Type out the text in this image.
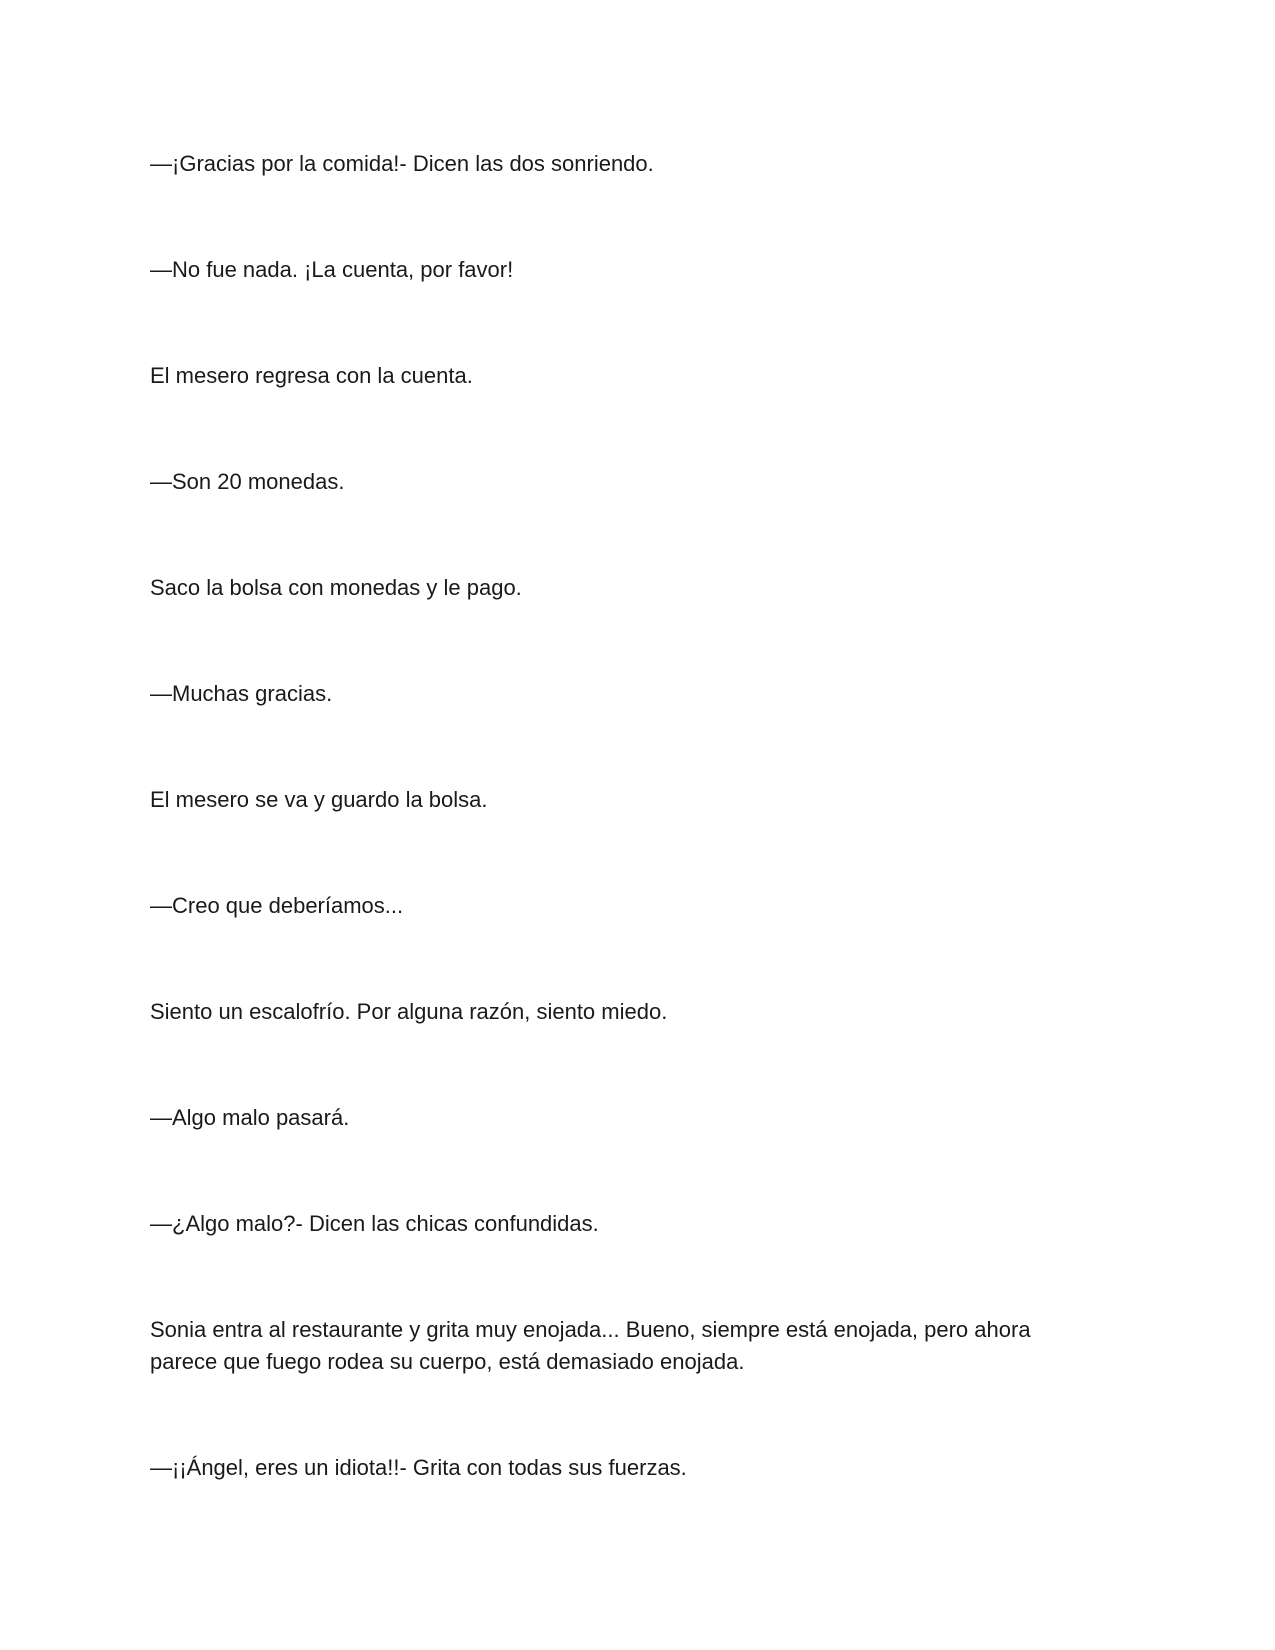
—¡Gracias por la comida!- Dicen las dos sonriendo.

—No fue nada. ¡La cuenta, por favor!

El mesero regresa con la cuenta.

—Son 20 monedas.

Saco la bolsa con monedas y le pago.

—Muchas gracias.

El mesero se va y guardo la bolsa.

—Creo que deberíamos...

Siento un escalofrío. Por alguna razón, siento miedo.

—Algo malo pasará.

—¿Algo malo?- Dicen las chicas confundidas.

Sonia entra al restaurante y grita muy enojada... Bueno, siempre está enojada, pero ahora parece que fuego rodea su cuerpo, está demasiado enojada.

—¡¡Ángel, eres un idiota!!- Grita con todas sus fuerzas.
